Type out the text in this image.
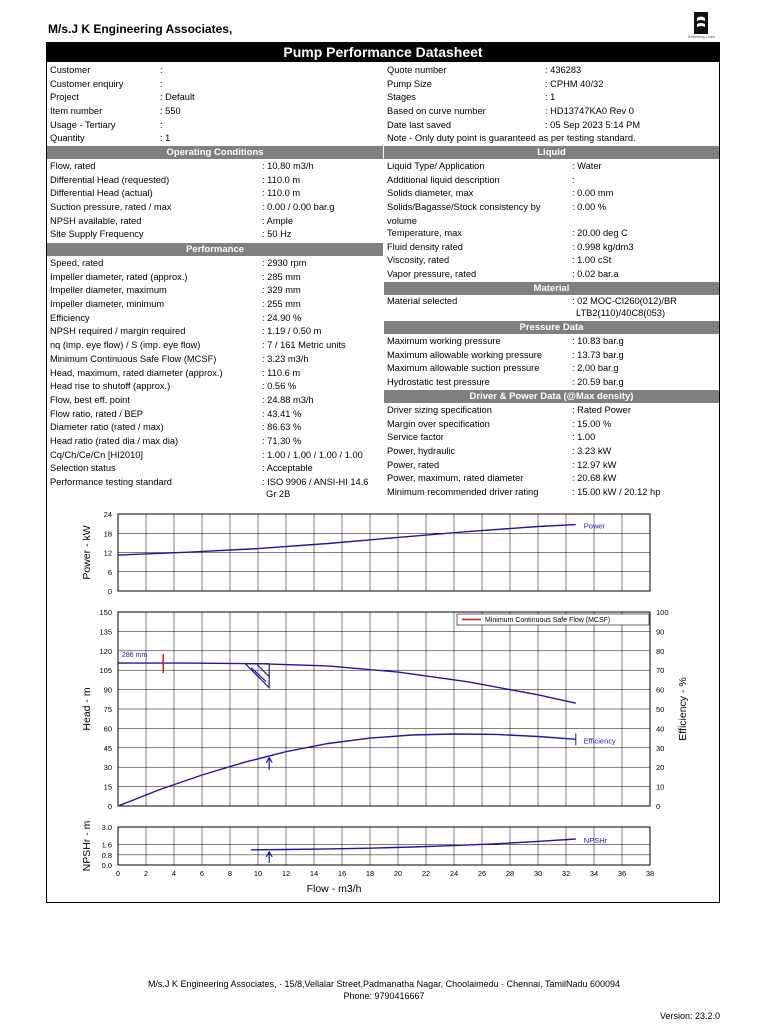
M/s.J K Engineering Associates,
Enriching Lives
Pump Performance Datasheet
Customer	:
Customer enquiry	:
Project	: Default
Item number	: 550
Usage - Tertiary	:
Quantity	: 1
Quote number	: 436283
Pump Size	: CPHM 40/32
Stages	: 1
Based on curve number	: HD13747KA0 Rev 0
Date last saved	: 05 Sep 2023 5:14 PM
Note - Only duty point is guaranteed as per testing standard.
Operating Conditions	Liquid
Flow, rated	: 10.80 m3/h
Differential Head (requested)	: 110.0 m
Differential Head (actual)	: 110.0 m
Suction pressure, rated / max	: 0.00 / 0.00 bar.g
NPSH available, rated	: Ample
Site Supply Frequency	: 50 Hz
Liquid Type/ Application	: Water
Additional liquid description	:
Solids diameter, max	: 0.00 mm
Solids/Bagasse/Stock consistency by volume
: 0.00 %
Temperature, max	: 20.00 deg C
Fluid density rated	: 0.998 kg/dm3
Viscosity, rated	: 1.00 cSt
Vapor pressure, rated	: 0.02 bar.a
Performance
Speed, rated	: 2930 rpm
Impeller diameter, rated (approx.)	: 285 mm
Impeller diameter, maximum	: 329 mm
Impeller diameter, minimum	: 255 mm
Efficiency	: 24.90 %
NPSH required / margin required	: 1.19 / 0.50 m
nq (imp. eye flow) / S (imp. eye flow)	: 7 / 161 Metric units
Minimum Continuous Safe Flow (MCSF)	: 3.23 m3/h
Head, maximum, rated diameter (approx.)	: 110.6 m
Head rise to shutoff (approx.)	: 0.56 %
Flow, best eff. point	: 24.88 m3/h
Flow ratio, rated / BEP	: 43.41 %
Diameter ratio (rated / max)	: 86.63 %
Head ratio (rated dia / max dia)	: 71.30 %
Cq/Ch/Ce/Cn [HI2010]	: 1.00 / 1.00 / 1.00 / 1.00
Selection status	: Acceptable
Performance testing standard	: ISO 9906 / ANSI-HI 14.6
Gr 2B
Material
Material selected	: 02 MOC-CI260(012)/BR
LTB2(110)/40C8(053)
Pressure Data
Maximum working pressure	: 10.83 bar.g
Maximum allowable working pressure	: 13.73 bar.g
Maximum allowable suction pressure	: 2.00 bar.g
Hydrostatic test pressure	: 20.59 bar.g
Driver & Power Data (@Max density)
Driver sizing specification	: Rated Power
Margin over specification	: 15.00 %
Service factor	: 1.00
Power, hydraulic	: 3.23 kW
Power, rated	: 12.97 kW
Power, maximum, rated diameter	: 20.68 kW
Minimum recommended driver rating	: 15.00 kW / 20.12 hp
0
6
12
18
24
Power - kW	Power
0
15
30
45
60
75
90
105
120
135
150
Head - m
0
10
20
30
40
50
60
70
80
90
100
Efficiency - %
Efficiency
Minimum Continuous Safe Flow (MCSF)
286 mm
0.0
0.8
1.6
3.0
NPSHr - m
0	2	4	6	8	10	12	14	16	18	20	22	24	26	28	30	32	34	36	38
Flow - m3/h
NPSHr
M/s.J K Engineering Associates, · 15/8,Vellalar Street,Padmanatha Nagar, Choolaimedu · Chennai, TamilNadu 600094
Phone: 9790416667
Version: 23.2.0
